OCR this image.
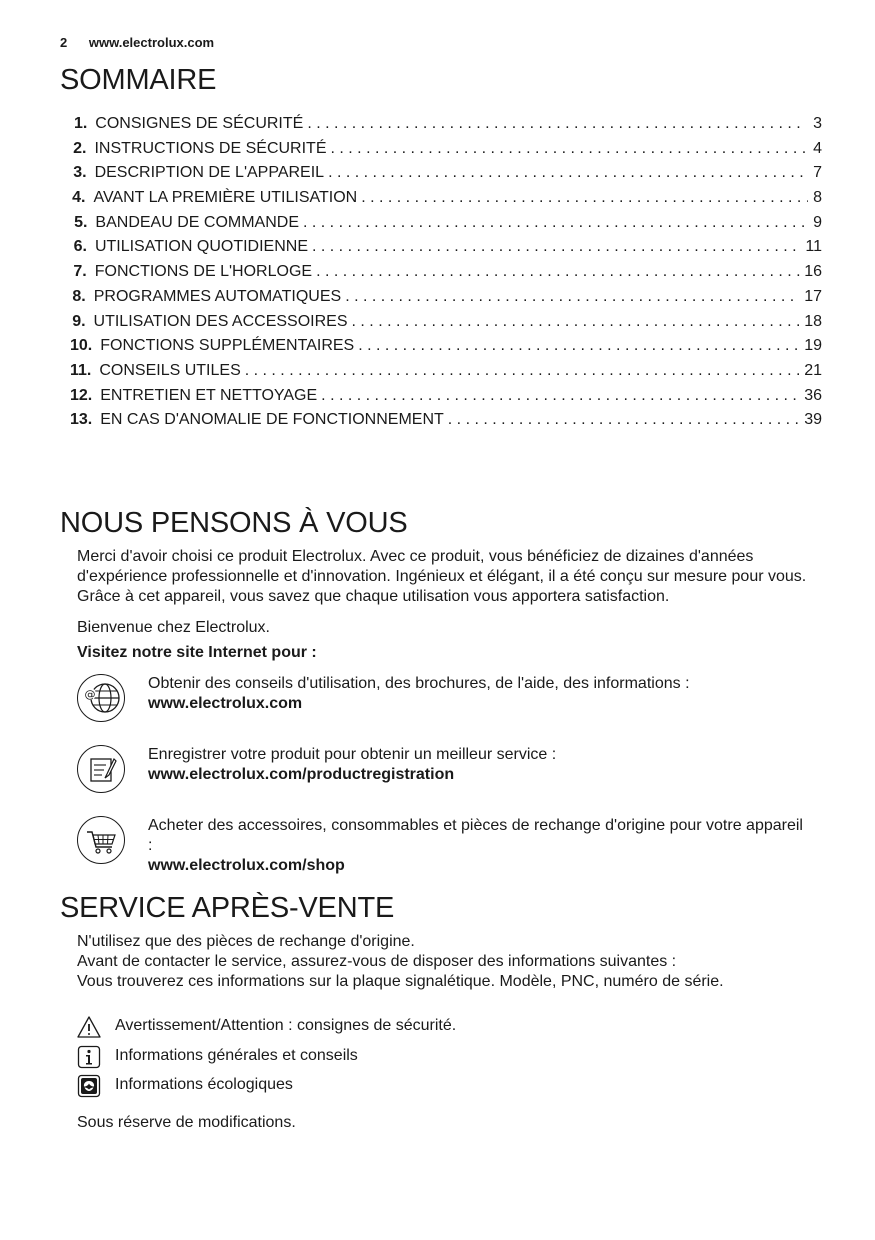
2 www.electrolux.com
SOMMAIRE
1. CONSIGNES DE SÉCURITÉ . . .	3
2. INSTRUCTIONS DE SÉCURITÉ . . .	4
3. DESCRIPTION DE L'APPAREIL . . .	7
4. AVANT LA PREMIÈRE UTILISATION . . .	8
5. BANDEAU DE COMMANDE . . .	9
6. UTILISATION QUOTIDIENNE . . .	11
7. FONCTIONS DE L'HORLOGE . . .	16
8. PROGRAMMES AUTOMATIQUES . . .	17
9. UTILISATION DES ACCESSOIRES . . .	18
10. FONCTIONS SUPPLÉMENTAIRES . . .	19
11. CONSEILS UTILES . . .	21
12. ENTRETIEN ET NETTOYAGE . . .	36
13. EN CAS D'ANOMALIE DE FONCTIONNEMENT . . .	39
NOUS PENSONS À VOUS
Merci d'avoir choisi ce produit Electrolux. Avec ce produit, vous bénéficiez de dizaines d'années d'expérience professionnelle et d'innovation. Ingénieux et élégant, il a été conçu sur mesure pour vous. Grâce à cet appareil, vous savez que chaque utilisation vous apportera satisfaction.
Bienvenue chez Electrolux.
Visitez notre site Internet pour :
@
Obtenir des conseils d'utilisation, des brochures, de l'aide, des informations :
www.electrolux.com
Enregistrer votre produit pour obtenir un meilleur service :
www.electrolux.com/productregistration
Acheter des accessoires, consommables et pièces de rechange d'origine pour votre appareil :
www.electrolux.com/shop
SERVICE APRÈS-VENTE
N'utilisez que des pièces de rechange d'origine.
Avant de contacter le service, assurez-vous de disposer des informations suivantes :
Vous trouverez ces informations sur la plaque signalétique. Modèle, PNC, numéro de série.
Avertissement/Attention : consignes de sécurité.
Informations générales et conseils
Informations écologiques
Sous réserve de modifications.
